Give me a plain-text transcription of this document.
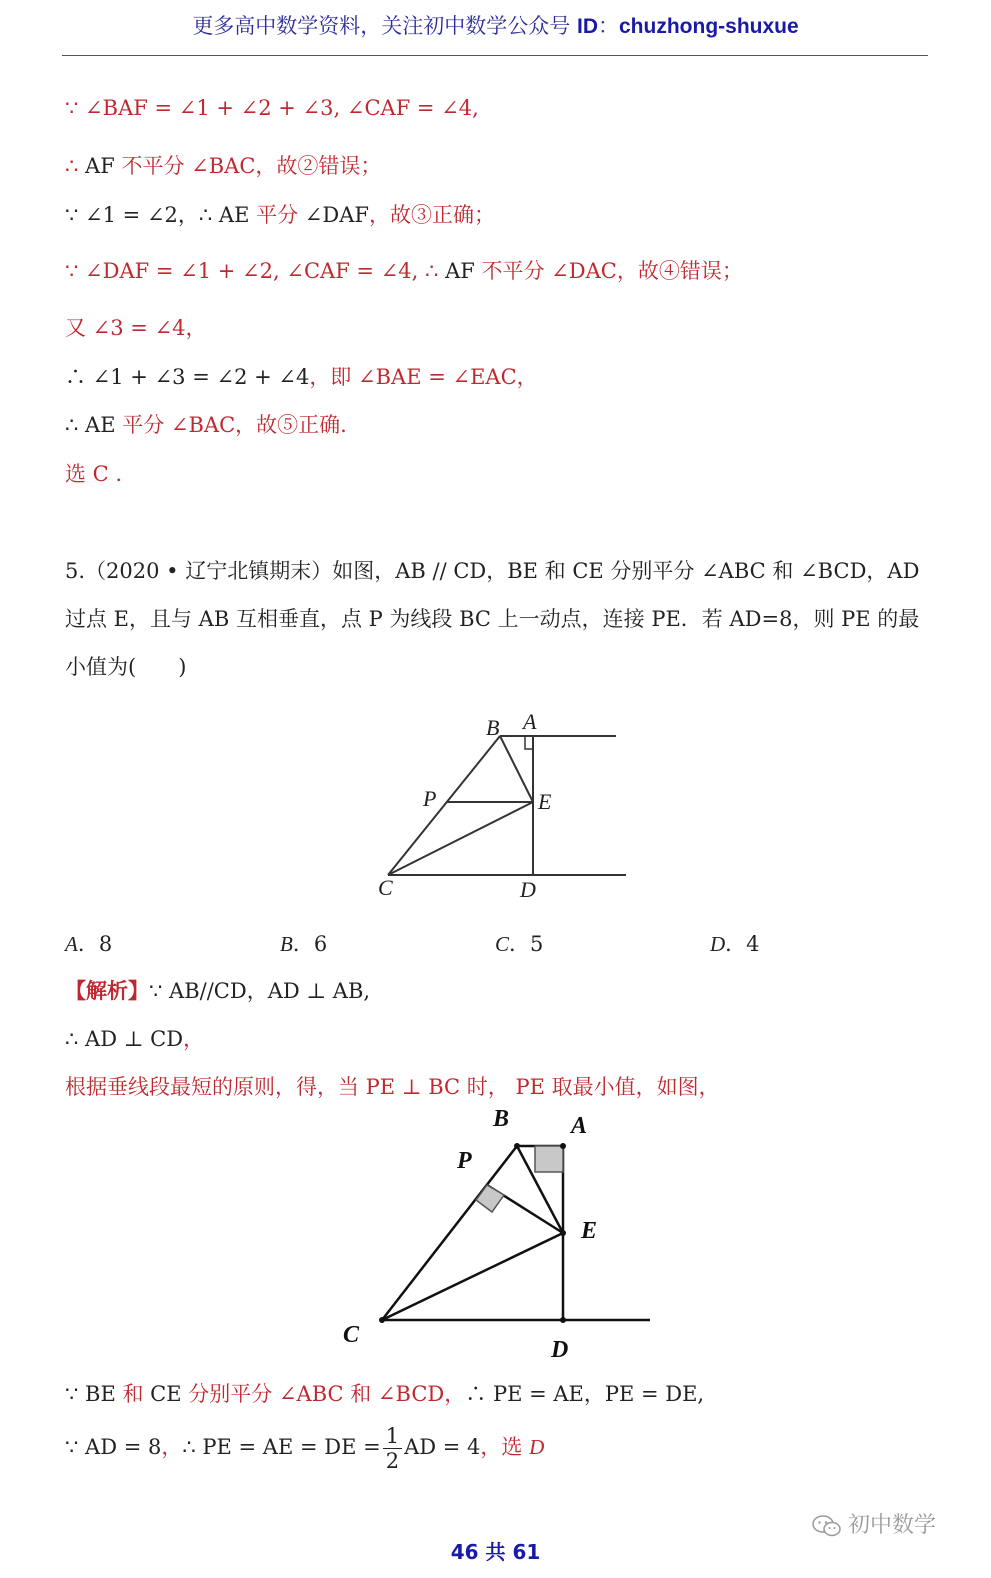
更多高中数学资料，关注初中数学公众号 ID：chuzhong-shuxue
∵ ∠BAF = ∠1 + ∠2 + ∠3, ∠CAF = ∠4,
∴ AF 不平分 ∠BAC，故②错误；
∵ ∠1 = ∠2，∴ AE 平分 ∠DAF，故③正确；
∵ ∠DAF = ∠1 + ∠2, ∠CAF = ∠4, ∴ AF 不平分 ∠DAC，故④错误；
又 ∠3 = ∠4，
∴ ∠1 + ∠3 = ∠2 + ∠4，即 ∠BAE = ∠EAC，
∴ AE 平分 ∠BAC，故⑤正确.
选 C .
5.（2020 • 辽宁北镇期末）如图，AB // CD，BE 和 CE 分别平分 ∠ABC 和 ∠BCD，AD
过点 E，且与 AB 互相垂直，点 P 为线段 BC 上一动点，连接 PE．若 AD=8，则 PE 的最
小值为(　　)
B A
P	E
C	D
A．8	B．6	C．5	D．4
【解析】∵ AB//CD，AD ⊥ AB,
∴ AD ⊥ CD，
根据垂线段最短的原则，得，当 PE ⊥ BC 时， PE 取最小值，如图，
B	A
P
E
C
D
∵ BE 和 CE 分别平分 ∠ABC 和 ∠BCD，∴ PE = AE，PE = DE,
∵ AD = 8，∴ PE = AE = DE = $\frac{1}{2}$ AD = 4，选 D
初中数学
46 共 61
